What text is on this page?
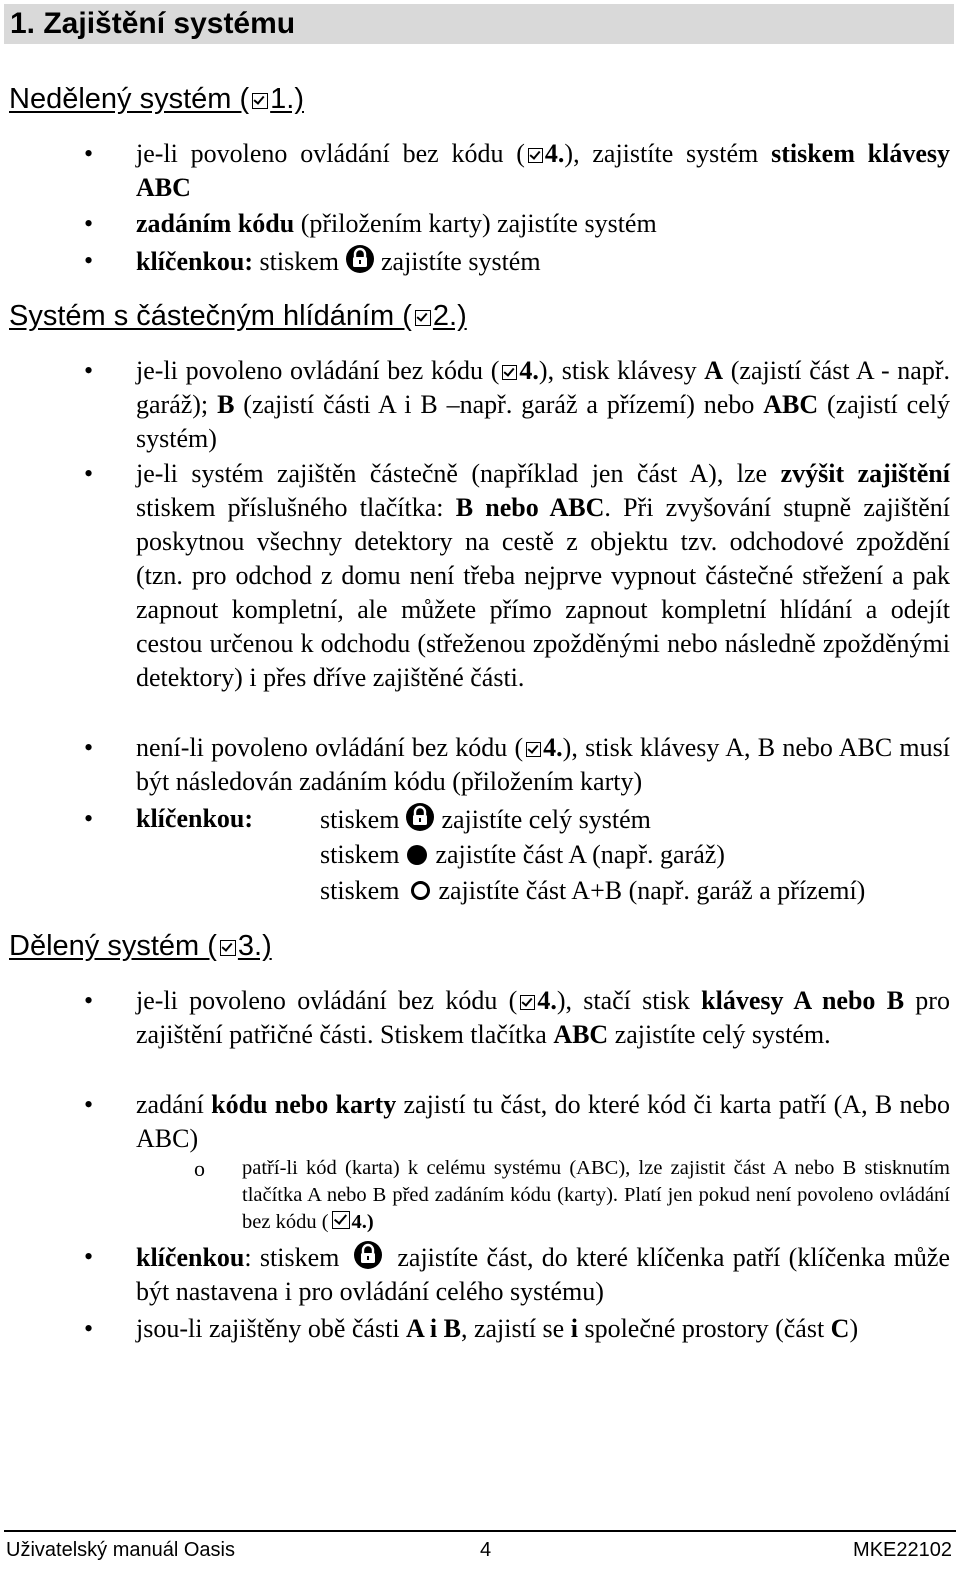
1. Zajištění systému
Nedělený systém ( 1.)
• je-li povoleno ovládání bez kódu ( 4.), zajistíte systém stiskem klávesy ABC
• zadáním kódu (přiložením karty) zajistíte systém
• klíčenkou: stiskem zajistíte systém
Systém s částečným hlídáním ( 2.)
• je-li povoleno ovládání bez kódu ( 4.), stisk klávesy A (zajistí část A - např. garáž); B (zajistí části A i B –např. garáž a přízemí) nebo ABC (zajistí celý systém)
• je-li systém zajištěn částečně (například jen část A), lze zvýšit zajištění stiskem příslušného tlačítka: B nebo ABC. Při zvyšování stupně zajištění poskytnou všechny detektory na cestě z objektu tzv. odchodové zpoždění (tzn. pro odchod z domu není třeba nejprve vypnout částečné střežení a pak zapnout kompletní, ale můžete přímo zapnout kompletní hlídání a odejít cestou určenou k odchodu (střeženou zpožděnými nebo následně zpožděnými detektory) i přes dříve zajištěné části.
• není-li povoleno ovládání bez kódu ( 4.), stisk klávesy A, B nebo ABC musí být následován zadáním kódu (přiložením karty)
• klíčenkou:	stiskem zajistíte celý systém
stiskem zajistíte část A (např. garáž)
stiskem zajistíte část A+B (např. garáž a přízemí)
Dělený systém ( 3.)
• je-li povoleno ovládání bez kódu ( 4.), stačí stisk klávesy A nebo B pro zajištění patřičné části. Stiskem tlačítka ABC zajistíte celý systém.
• zadání kódu nebo karty zajistí tu část, do které kód či karta patří (A, B nebo ABC)
o patří-li kód (karta) k celému systému (ABC), lze zajistit část A nebo B stisknutím tlačítka A nebo B před zadáním kódu (karty). Platí jen pokud není povoleno ovládání bez kódu ( 4.)
• klíčenkou: stiskem zajistíte část, do které klíčenka patří (klíčenka může být nastavena i pro ovládání celého systému)
• jsou-li zajištěny obě části A i B, zajistí se i společné prostory (část C)
Uživatelský manuál Oasis	4	MKE22102
